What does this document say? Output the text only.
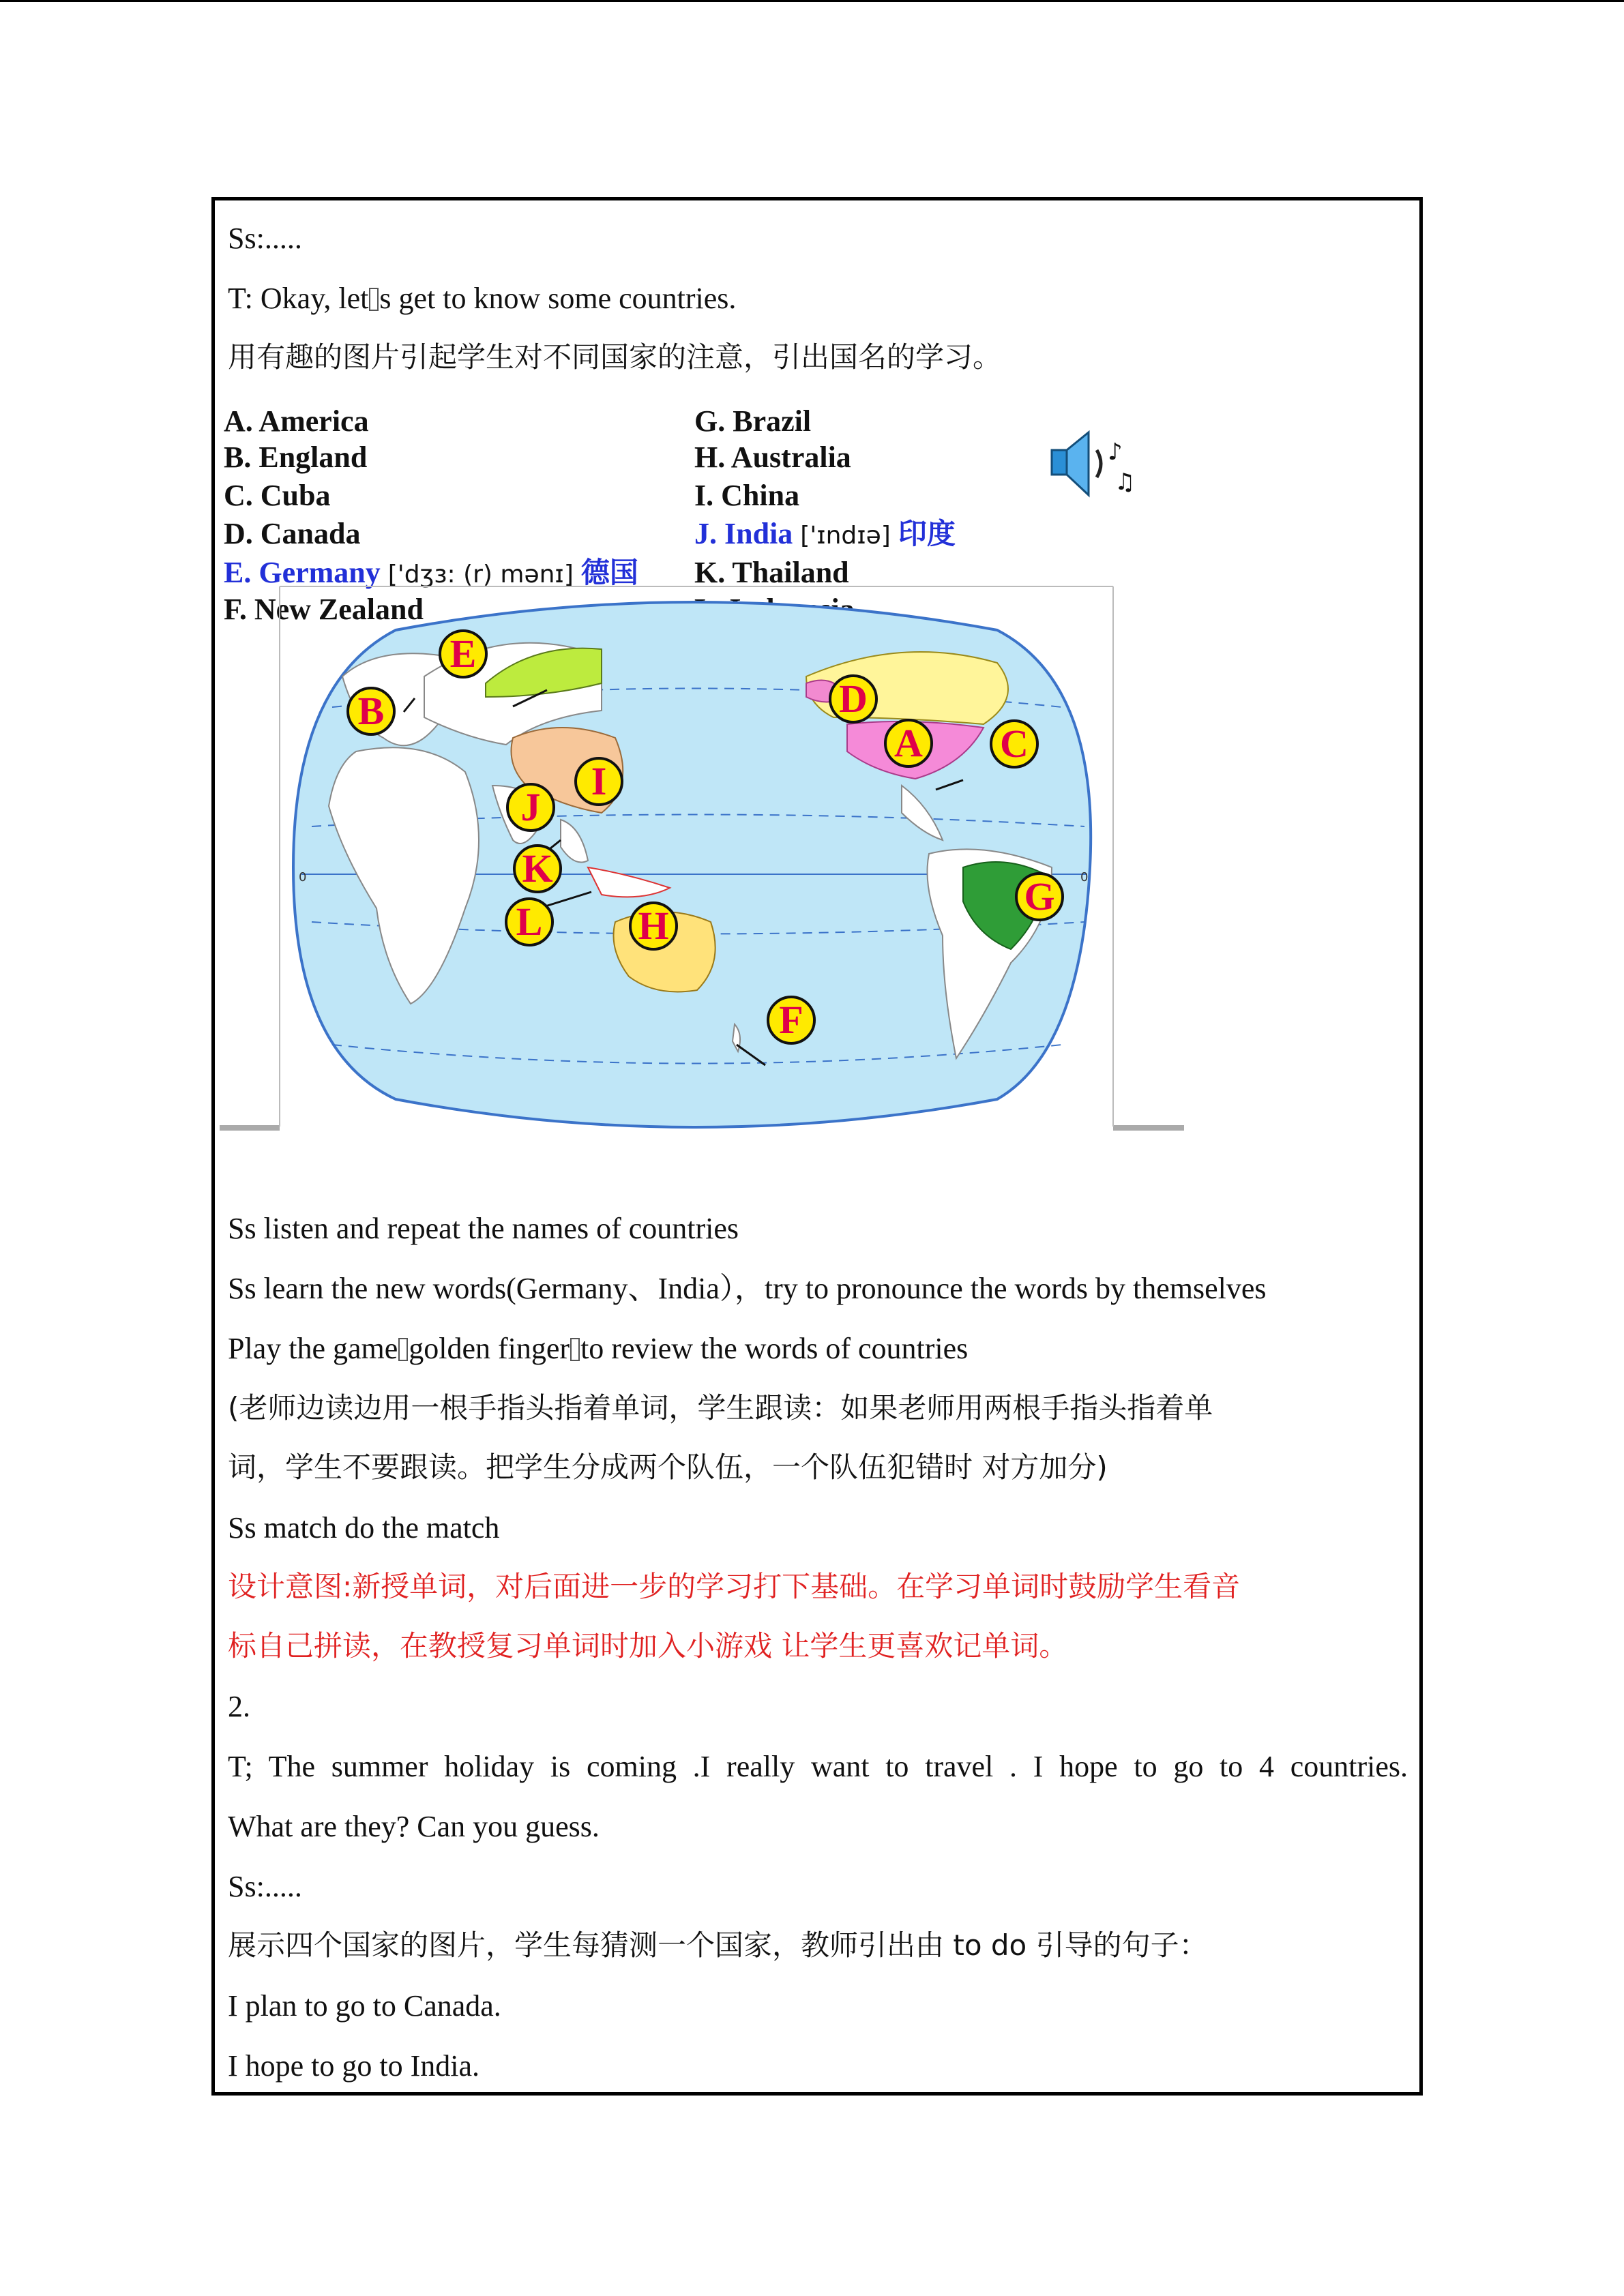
Ss:.....
T: Okay, let s get to know some countries.
用有趣的图片引起学生对不同国家的注意，引出国名的学习。
A. America
B. England
C. Cuba
D. Canada
E. Germany ['dʒɜ: (r) mənɪ] 德国
F. New Zealand
G. Brazil
H. Australia
I. China
J. India ['ɪndɪə] 印度
K. Thailand
♪
♫
0	0
B
E
D
A C
I
J
K
L H
G
F
Ss listen and repeat the names of countries
Ss learn the new words(Germany、India），try to pronounce the words by themselves
Play the game golden finger to review the words of countries
(老师边读边用一根手指头指着单词，学生跟读：如果老师用两根手指头指着单
词，学生不要跟读。把学生分成两个队伍，一个队伍犯错时 对方加分)
Ss match do the match
设计意图:新授单词，对后面进一步的学习打下基础。在学习单词时鼓励学生看音
标自己拼读，在教授复习单词时加入小游戏 让学生更喜欢记单词。
2.
T; The summer holiday is coming .I really want to travel . I hope to go to 4 countries.
What are they? Can you guess.
Ss:.....
展示四个国家的图片，学生每猜测一个国家，教师引出由 to do 引导的句子：
I plan to go to Canada.
I hope to go to India.
